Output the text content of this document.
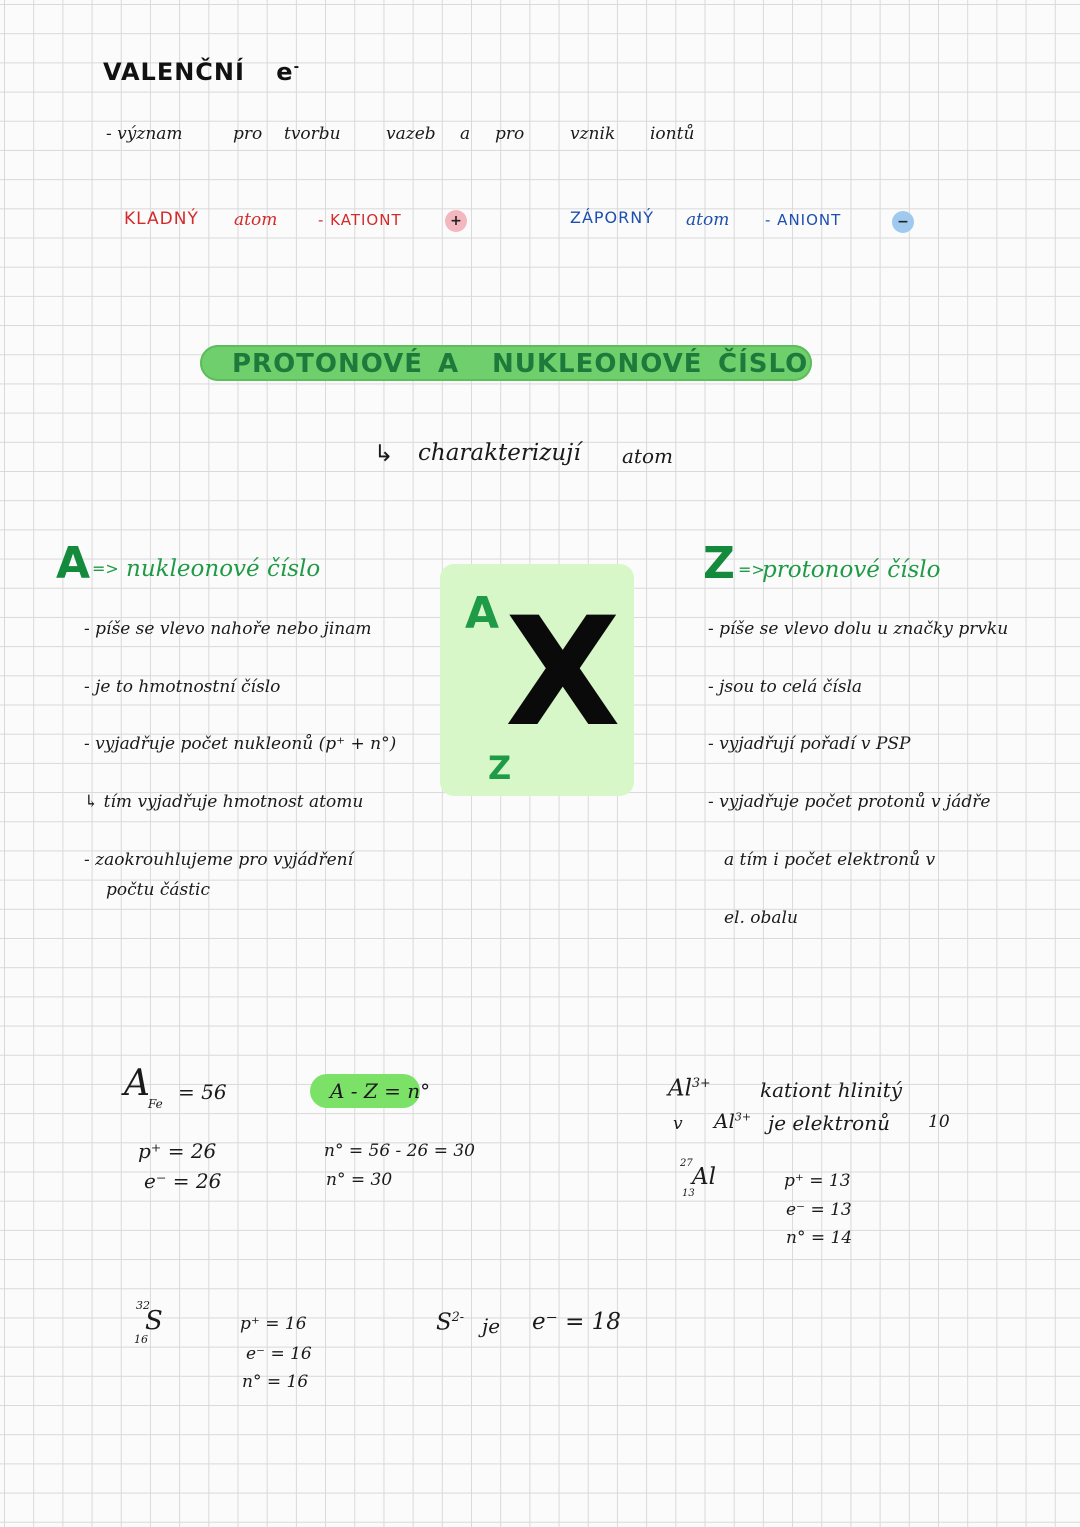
VALENČNÍ e-
- význam	pro tvorbu	vazeb a pro	vznik iontů
KLADNÝ atom	- KATIONT	+	ZÁPORNÝ atom - ANIONT	−
PROTONOVÉ A NUKLEONOVÉ ČÍSLO
↳ charakterizují atom
A => nukleonové číslo
- píše se vlevo nahoře nebo jinam
- je to hmotnostní číslo
- vyjadřuje počet nukleonů (p⁺ + n°)
↳ tím vyjadřuje hmotnost atomu
- zaokrouhlujeme pro vyjádření
počtu částic
A X
Z
Z =>
protonové číslo
- píše se vlevo dolu u značky prvku
- jsou to celá čísla
- vyjadřují pořadí v PSP
- vyjadřuje počet protonů v jádře
a tím i počet elektronů v
el. obalu
A
Fe = 56
p⁺ = 26
e⁻ = 26
A - Z = n°
n° = 56 - 26 = 30
n° = 30
$Al^{3+}$ kationt hlinitý
v $Al^{3+}$ je elektronů 10
27
13
Al	p⁺ = 13
e⁻ = 13
n° = 14
32
16
S	p⁺ = 16
e⁻ = 16
n° = 16
$S^{2-}$ je e⁻ = 18
